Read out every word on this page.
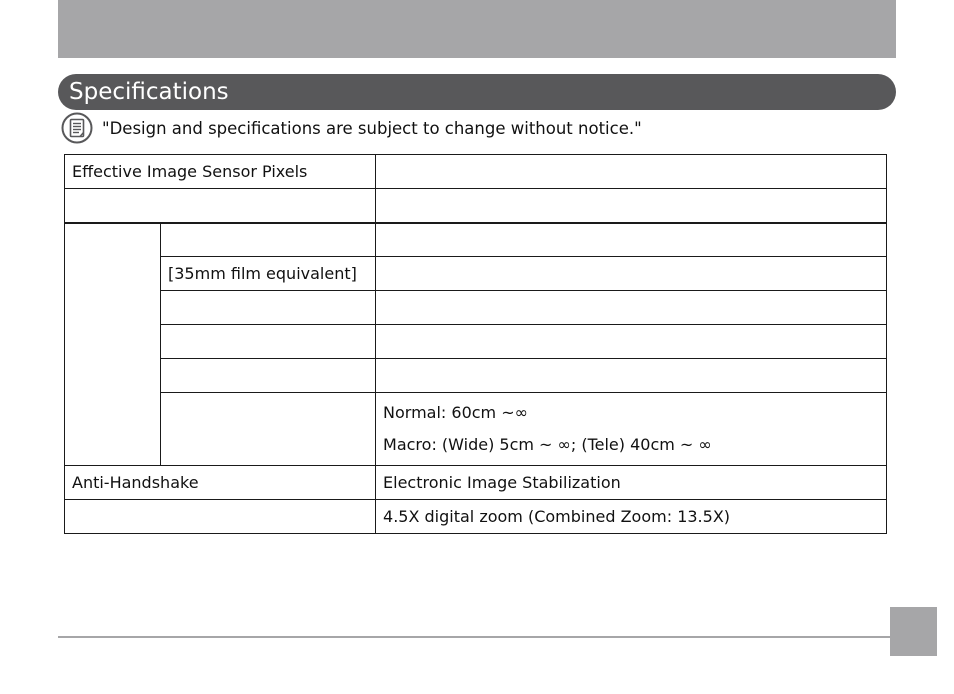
Specifications
"Design and specifications are subject to change without notice."
Effective Image Sensor Pixels		

	[35mm film equivalent]	

		Normal: 60cm ~∞
Macro: (Wide) 5cm ~ ∞; (Tele) 40cm ~ ∞

Anti-Handshake		Electronic Image Stabilization
		4.5X digital zoom (Combined Zoom: 13.5X)
